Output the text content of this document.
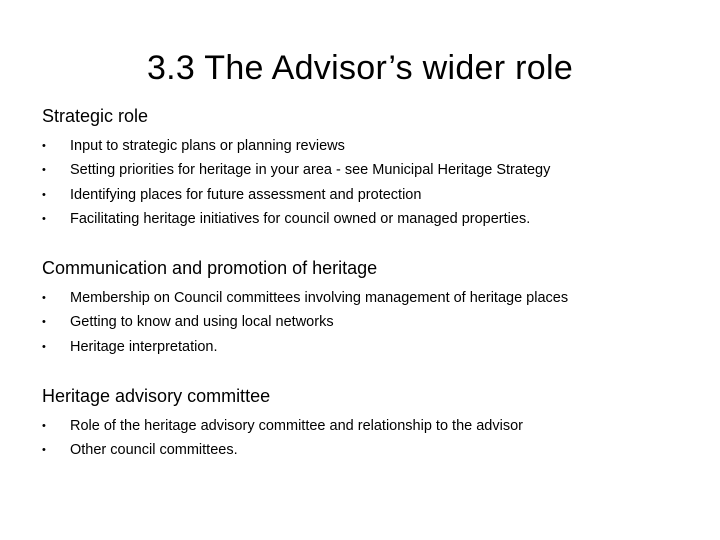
3.3 The Advisor’s wider role
Strategic role
•	Input to strategic plans or planning reviews
•	Setting priorities for heritage in your area - see Municipal Heritage Strategy
•	Identifying places for future assessment and protection
•	Facilitating heritage initiatives for council owned or managed properties.
Communication and promotion of heritage
•	Membership on Council committees involving management of heritage places
•	Getting to know and using local networks
•	Heritage interpretation.
Heritage advisory committee
•	Role of the heritage advisory committee and relationship to the advisor
•	Other council committees.
